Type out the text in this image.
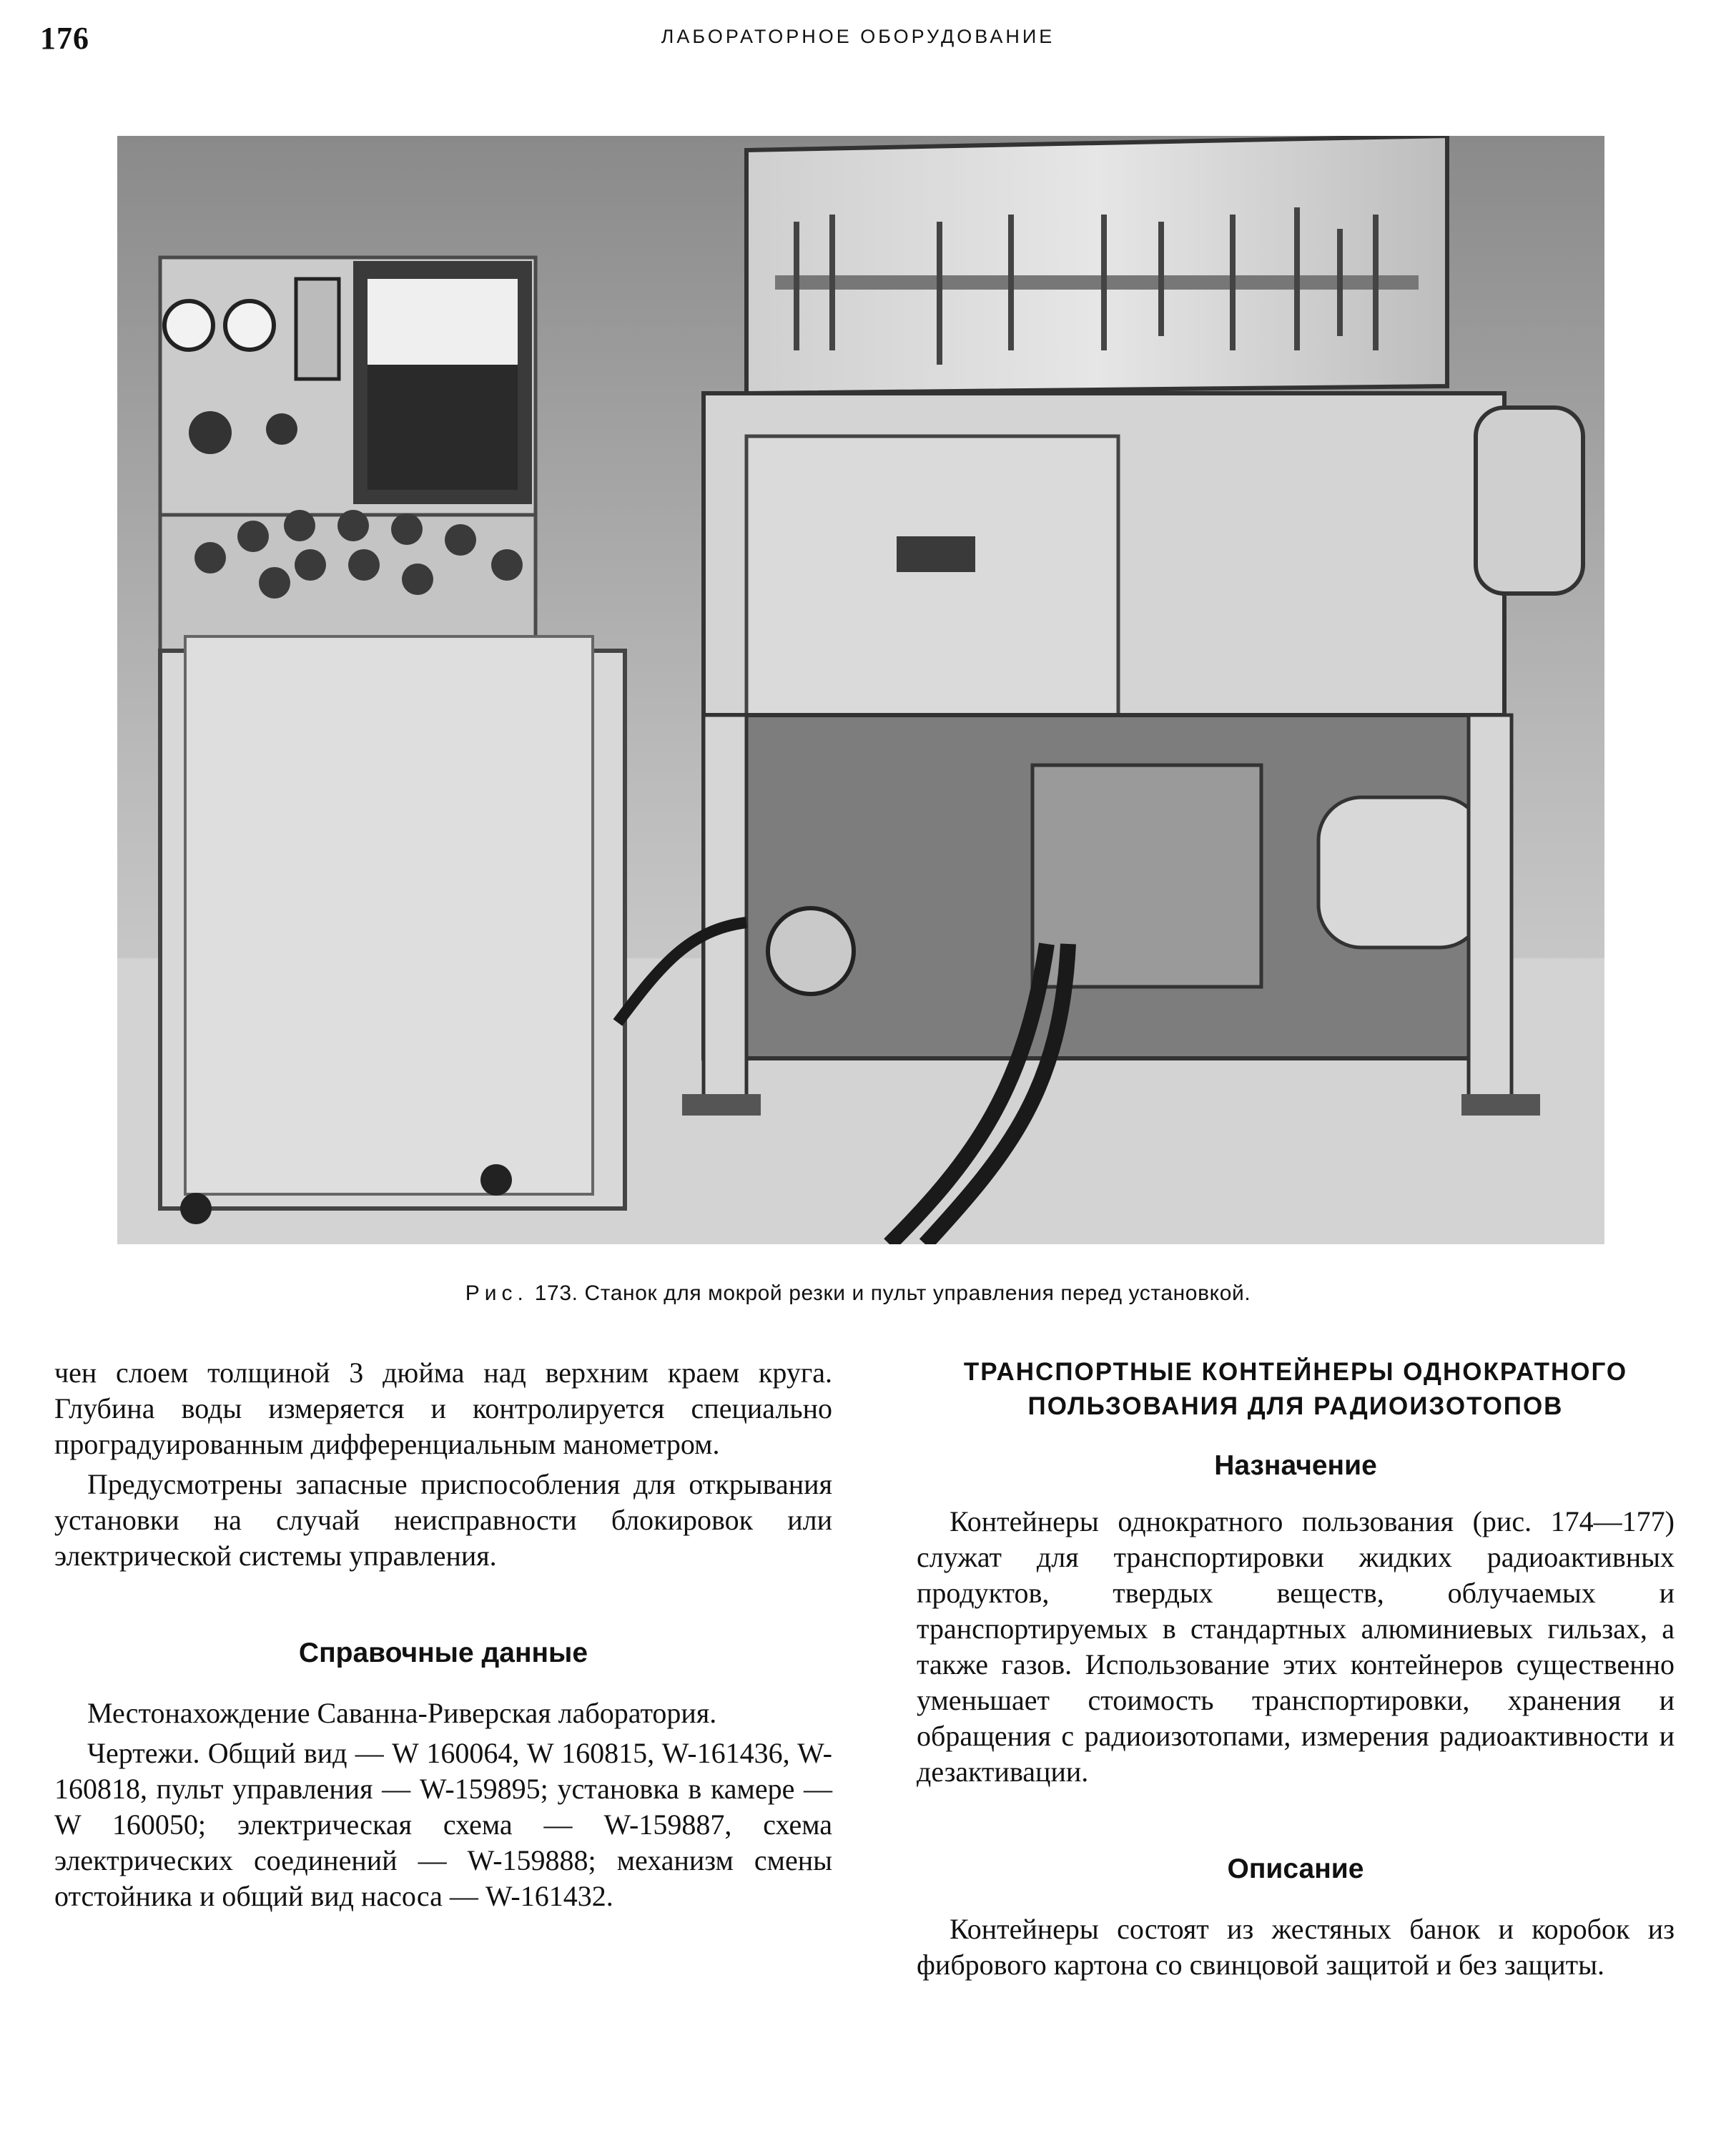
176	ЛАБОРАТОРНОЕ ОБОРУДОВАНИЕ
Рис. 173. Станок для мокрой резки и пульт управления перед установкой.

чен слоем толщиной 3 дюйма над верхним краем круга. Глубина воды измеряется и контролируется специально проградуированным дифференциальным манометром.

Предусмотрены запасные приспособления для открывания установки на случай неисправности блокировок или электрической системы управления.

Справочные данные

Местонахождение Саванна-Риверская лаборатория.

Чертежи. Общий вид — W 160064, W 160815, W-161436, W-160818, пульт управления — W-159895; установка в камере — W 160050; электрическая схема — W-159887, схема электрических соединений — W-159888; механизм смены отстойника и общий вид насоса — W-161432.

ТРАНСПОРТНЫЕ КОНТЕЙНЕРЫ ОДНОКРАТНОГО ПОЛЬЗОВАНИЯ ДЛЯ РАДИОИЗОТОПОВ
Назначение

Контейнеры однократного пользования (рис. 174—177) служат для транспортировки жидких радиоактивных продуктов, твердых веществ, облучаемых и транспортируемых в стандартных алюминиевых гильзах, а также газов. Использование этих контейнеров существенно уменьшает стоимость транспортировки, хранения и обращения с радиоизотопами, измерения радиоактивности и дезактивации.

Описание

Контейнеры состоят из жестяных банок и коробок из фибрового картона со свинцовой защитой и без защиты.
